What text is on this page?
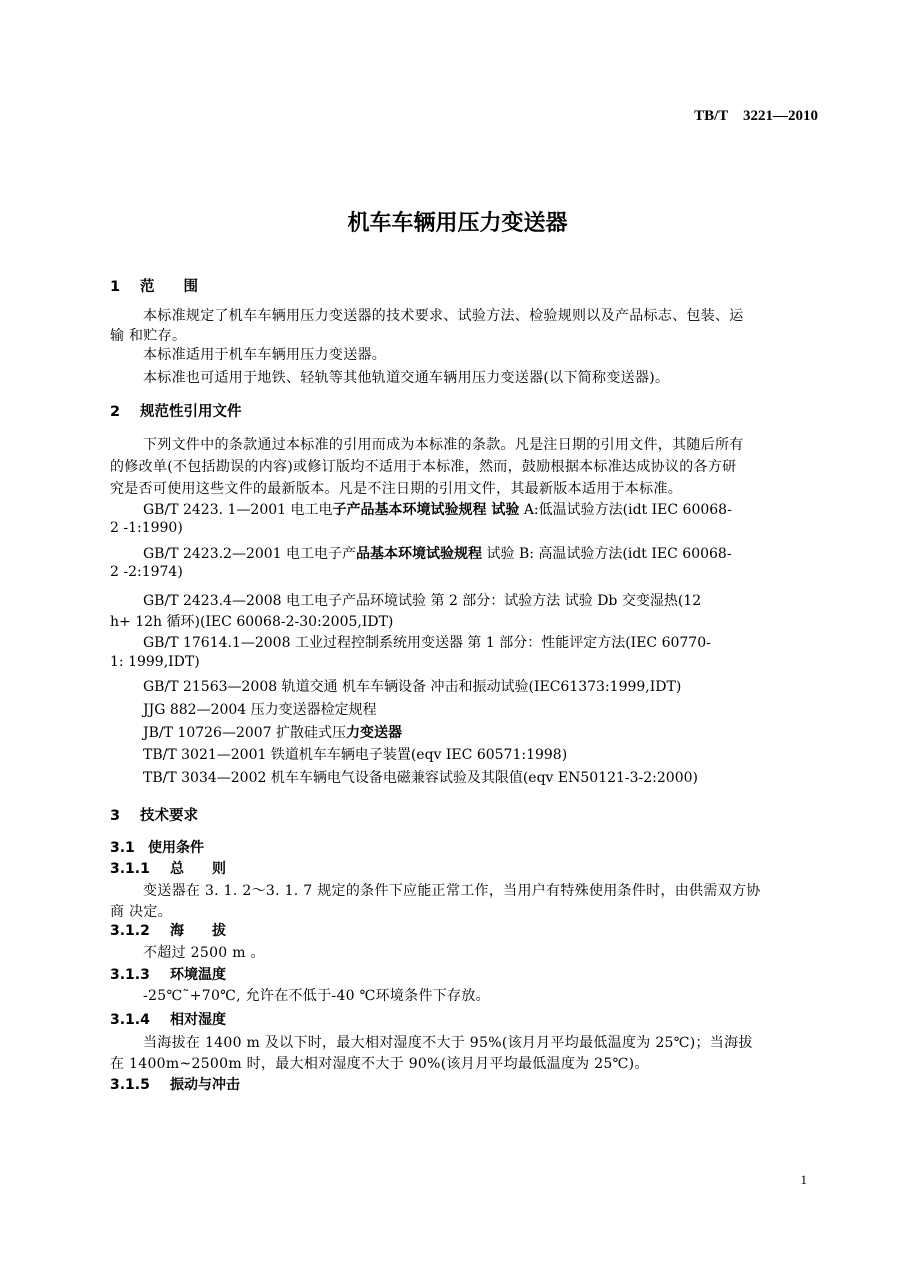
TB/T　3221—2010
机车车辆用压力变送器
1 范　　围
本标准规定了机车车辆用压力变送器的技术要求、试验方法、检验规则以及产品标志、包装、运
输 和贮存。
本标准适用于机车车辆用压力变送器。
本标准也可适用于地铁、轻轨等其他轨道交通车辆用压力变送器(以下简称变送器)。
2 规范性引用文件
下列文件中的条款通过本标准的引用而成为本标准的条款。凡是注日期的引用文件，其随后所有
的修改单(不包括勘误的内容)或修订版均不适用于本标准，然而，鼓励根据本标准达成协议的各方研
究是否可使用这些文件的最新版本。凡是不注日期的引用文件，其最新版本适用于本标准。
GB/T 2423. 1—2001 电工电子产品基本环境试验规程 试验 A:低温试验方法(idt IEC 60068-
2 -1:1990)
GB/T 2423.2—2001 电工电子产品基本环境试验规程 试验 B: 高温试验方法(idt IEC 60068-
2 -2:1974)
GB/T 2423.4—2008 电工电子产品环境试验 第 2 部分：试验方法 试验 Db 交变湿热(12
h+ 12h 循环)(IEC 60068-2-30:2005,IDT)
GB/T 17614.1—2008 工业过程控制系统用变送器 第 1 部分：性能评定方法(IEC 60770-
1: 1999,IDT)
GB/T 21563—2008 轨道交通 机车车辆设备 冲击和振动试验(IEC61373:1999,IDT)
JJG 882—2004 压力变送器检定规程
JB/T 10726—2007 扩散硅式压力变送器
TB/T 3021—2001 铁道机车车辆电子装置(eqv IEC 60571:1998)
TB/T 3034—2002 机车车辆电气设备电磁兼容试验及其限值(eqv EN50121-3-2:2000)
3 技术要求
3.1 使用条件
3.1.1 总　　则
变送器在 3. 1. 2～3. 1. 7 规定的条件下应能正常工作，当用户有特殊使用条件时，由供需双方协
商 决定。
3.1.2 海　　拔
不超过 2500 m 。
3.1.3 环境温度
-25℃˜+70℃, 允许在不低于-40 ℃环境条件下存放。
3.1.4 相对湿度
当海拔在 1400 m 及以下时，最大相对湿度不大于 95%(该月月平均最低温度为 25℃)；当海拔
在 1400m~2500m 时，最大相对湿度不大于 90%(该月月平均最低温度为 25℃)。
3.1.5 振动与冲击
1
